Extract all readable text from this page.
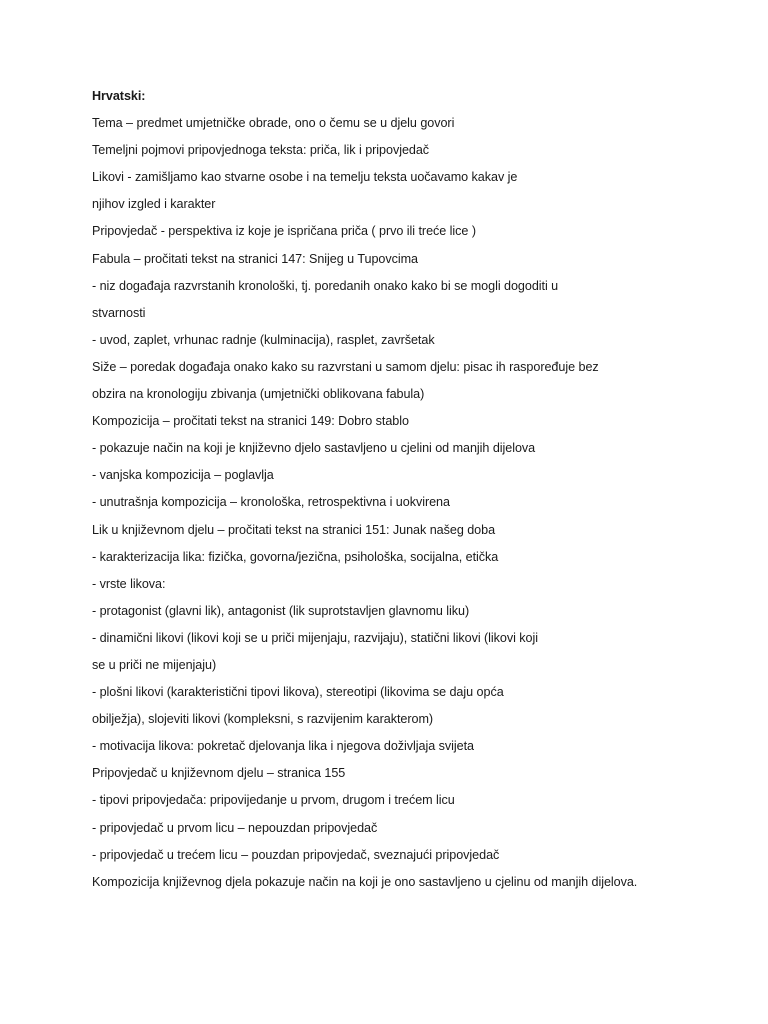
Hrvatski:
Tema – predmet umjetničke obrade, ono o čemu se u djelu govori
Temeljni pojmovi pripovjednoga teksta: priča, lik i pripovjedač
Likovi - zamišljamo kao stvarne osobe i na temelju teksta uočavamo kakav je
njihov izgled i karakter
Pripovjedač - perspektiva iz koje je ispričana priča ( prvo ili treće lice )
Fabula – pročitati tekst na stranici 147: Snijeg u Tupovcima
- niz događaja razvrstanih kronološki, tj. poredanih onako kako bi se mogli dogoditi u
stvarnosti
- uvod, zaplet, vrhunac radnje (kulminacija), rasplet, završetak
Siže – poredak događaja onako kako su razvrstani u samom djelu: pisac ih raspoređuje bez
obzira na kronologiju zbivanja (umjetnički oblikovana fabula)
Kompozicija – pročitati tekst na stranici 149: Dobro stablo
- pokazuje način na koji je književno djelo sastavljeno u cjelini od manjih dijelova
- vanjska kompozicija – poglavlja
- unutrašnja kompozicija – kronološka, retrospektivna i uokvirena
Lik u književnom djelu – pročitati tekst na stranici 151: Junak našeg doba
- karakterizacija lika: fizička, govorna/jezična, psihološka, socijalna, etička
- vrste likova:
- protagonist (glavni lik), antagonist (lik suprotstavljen glavnomu liku)
- dinamični likovi (likovi koji se u priči mijenjaju, razvijaju), statični likovi (likovi koji
se u priči ne mijenjaju)
- plošni likovi (karakteristični tipovi likova), stereotipi (likovima se daju opća
obilježja), slojeviti likovi (kompleksni, s razvijenim karakterom)
- motivacija likova: pokretač djelovanja lika i njegova doživljaja svijeta
Pripovjedač u književnom djelu – stranica 155
- tipovi pripovjedača: pripovijedanje u prvom, drugom i trećem licu
- pripovjedač u prvom licu – nepouzdan pripovjedač
- pripovjedač u trećem licu – pouzdan pripovjedač, sveznajući pripovjedač
Kompozicija književnog djela pokazuje način na koji je ono sastavljeno u cjelinu od manjih dijelova.
